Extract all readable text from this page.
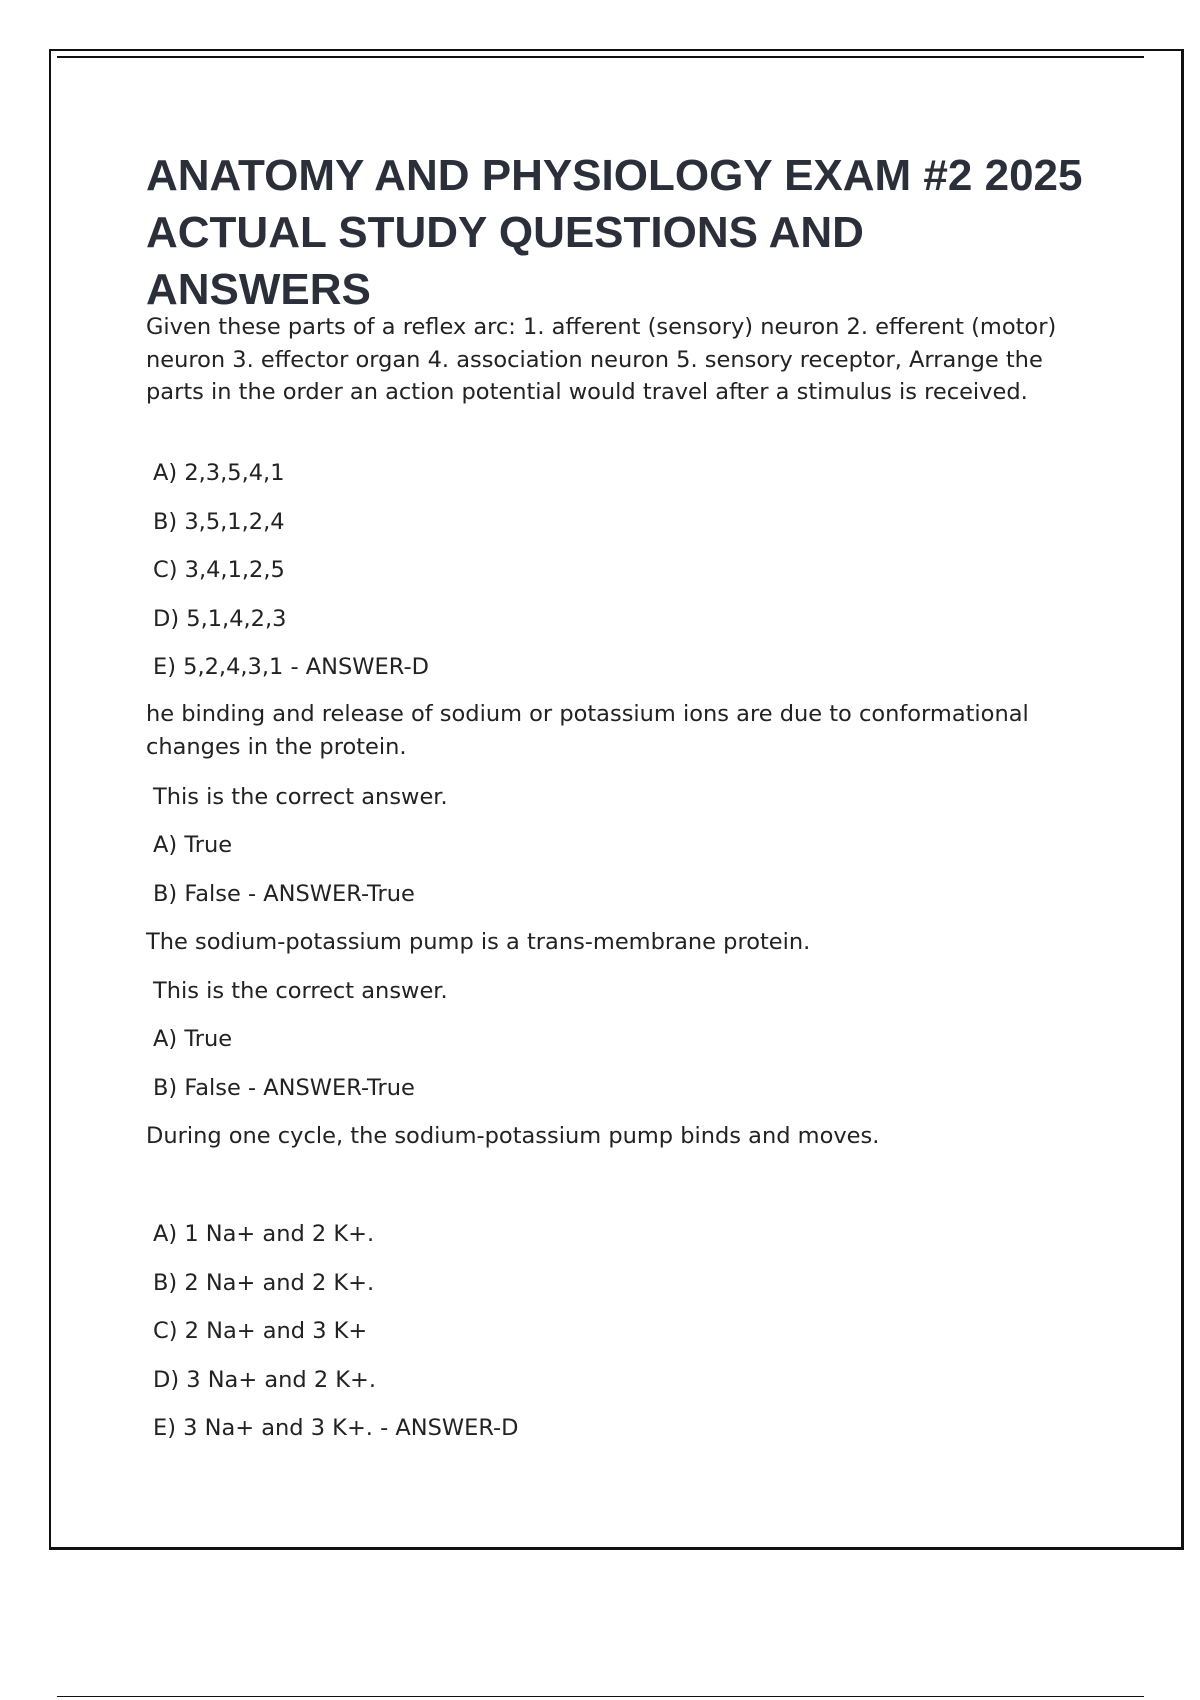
ANATOMY AND PHYSIOLOGY EXAM #2 2025 ACTUAL STUDY QUESTIONS AND ANSWERS

Given these parts of a reflex arc: 1. afferent (sensory) neuron 2. efferent (motor) neuron 3. effector organ 4. association neuron 5. sensory receptor, Arrange the parts in the order an action potential would travel after a stimulus is received.

A) 2,3,5,4,1

B) 3,5,1,2,4

C) 3,4,1,2,5

D) 5,1,4,2,3

E) 5,2,4,3,1 - ANSWER-D

he binding and release of sodium or potassium ions are due to conformational changes in the protein.

This is the correct answer.

A) True

B) False - ANSWER-True

The sodium-potassium pump is a trans-membrane protein.

This is the correct answer.

A) True

B) False - ANSWER-True

During one cycle, the sodium-potassium pump binds and moves.

A) 1 Na+ and 2 K+.

B) 2 Na+ and 2 K+.

C) 2 Na+ and 3 K+

D) 3 Na+ and 2 K+.

E) 3 Na+ and 3 K+. - ANSWER-D
